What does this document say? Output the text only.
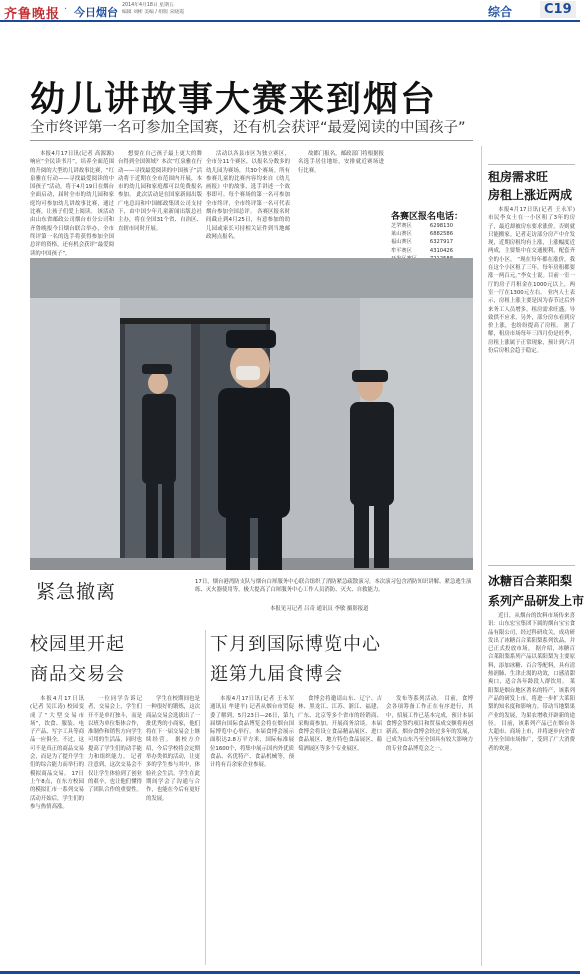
齐鲁晚报 · 今日烟台
2014年4月18日 星期五
编辑 刘彬 美编 / 组版 宋晓霞	综合 C19
幼儿讲故事大赛来到烟台
全市终评第一名可参加全国赛，还有机会获评“最爱阅读的中国孩子”

本报4月17日讯(记者 高源源) 响应“全民读书月”，培养全面范围的升阅的大型幼儿讲故事比赛，“红泉雅在行动——寻找最爱阅读的中国孩子”活动，将于4月19日在烟台全面启动，届时全市的幼儿园和家庭均可参加幼儿讲故事比赛，通过比赛，让孩子们爱上阅读。 该活动由山东省邮政公司烟台市分公司和齐鲁晚报今日烟台联合举办，全市终评第一名的选手将获得参加全国总评的资格，还有机会获评“最爱阅读的中国孩子”。

想要在自己孩子最上更大的舞台得到全国领域？本次“红泉雅在行动——寻找最爱阅读的中国孩子”活动将于近期在全市范围内开展，本市的幼儿园和家庭都可以免费报名参加。 此次活动是在国家新闻出版广电总局和中国邮政集团公司支持下，由中国少年儿童新闻出版总社主办，将在全国31个省、自治区、直辖市同时开展。

活动以各县市区为独立赛区，全市分11个赛区，以报名分数多的幼儿园为赛场，共30个赛场。所有参赛儿童的比赛内容均来自《幼儿画报》中的故事，选手讲述一个故事即可。每个赛场的第一名可参加全市终评，全市终评第一名可代表烟台参加全国总评。 各赛区报名时间截止到4月25日，有意参加的幼儿园或家长可持相关证件到当地邮政网点报名。

故都门报名，邮政部门将根据报名选手居住地址，安排就近赛场进行比赛。

各赛区报名电话：
芝罘赛区	6298130
莱山赛区	6882586
福山赛区	6327917
牟平赛区	4310426
紧急撤离	17日，烟台港湾防支队与烟台白犀服务中心联合组织了消防紧急疏散演习。本次演习包含消防知识讲解、紧急逃生演练、灭火器使用等，极大提高了白犀服务中心工作人员消防、灭火、自救能力。
本报见习记者 吕奇 通讯员 李敏 摄影报道
校园里开起
商品交易会

本报4月17日讯(记者 吴江涛) 校园变成了“大型交易市场”，饮食、服装、电子产品、写字工具等商品一应俱全，不过，这可不是真正的商品交易会，而是为了提升学生们的综合能力而举行的模拟商品交易。 17日上午8点，在东方校园的模拟汇市一系列交易活动开始后，学生们的参与热情高涨。

一位同学告诉记者，交易会上，学生们开不是单打独斗，而是以班为单位集体合作，准制作和销售方向学生可用的生活品，同时也提高了学生们的动手能力和组织能力。 记者注意到，这次交易会不仅让学生体验到了创业的艰辛，也让他们懂得了团队合作的重要性。

学生在校期间也是一种很好的锻炼，这次商品交易会选拔出了一批优秀的小商家，他们将在下一届交易会上继续经营。 据校方介绍，今后学校将会定期举办类似的活动，让更多的学生参与其中，体验社会生活。学生在此期间学会了沟通与合作，也能在今后有更好的发展。

下月到国际博览中心
逛第九届食博会

本报4月17日讯(记者 王永军 通讯员 牟建平) 记者从烟台市贸促委了解到，5月23日—26日，第九届烟台国际食品博览会将在烟台国际博览中心举行。本届食博会展示面积达2.8万平方米，国际标准展位1600个，将集中展示国内外优质食品、名优特产、食品机械等，预计将有百余家企业参展。

食博会将邀请山东、辽宁、吉林、黑龙江、江苏、浙江、福建、广东、北京等多个省市的经销商、采购商参加，开展商务洽谈。本届食博会将设立食品精品展区、进口食品展区、地方特色食品展区、葡萄酒展区等多个专业展区。

发布等系列活动。 目前，食博会各项筹备工作正在有序进行，其中，招展工作已基本完成，预计本届食博会签约项目和贸易成交额将再创新高。烟台食博会经过多年的发展，已成为山东乃至全国具有较大影响力的专业食品博览会之一。

租房需求旺
房租上涨近两成

本报4月17日讯(记者 王永军) 市民李女士在一小区租了3年的房子，最近却被房东要求涨价，否则就只能搬家。记者走访部分房产中介发现，近期房租均有上涨，上涨幅度近两成，主要集中在交通便利、配套齐全的小区。 “现在每年都在涨价，我在这个小区租了三年，每年房租都要涨一两百元。”李女士说。目前一室一厅的房子月租金在1000元以上，两室一厅在1300元左右。 业内人士表示，房租上涨主要是因为春节过后外来务工人员增多，租房需求旺盛，导致供不应求。另外，部分房东看到房价上涨，也纷纷提高了房租。 据了解，租房市场每年三四月份是旺季，房租上涨属于正常现象，预计到六月份后房租会趋于稳定。

冰糖百合莱阳梨
系列产品研发上市

近日，从烟台的饮料市场传来喜讯：山东宏宝集团下属的烟台宝宝食品有限公司，经过科研攻关，成功研发出了冰糖百合莱阳梨系列饮品，并已正式投放市场。 据介绍，冰糖百合莱阳梨系列产品以莱阳梨为主要原料，添加冰糖、百合等配料，具有清热润肺、生津止渴的功效，口感清甜爽口，适合各年龄段人群饮用。 莱阳梨是烟台地区著名的特产，该系列产品的研发上市，将进一步扩大莱阳梨的知名度和影响力，带动当地梨果产业的发展，为果农增收开辟新的途径。 目前，该系列产品已在烟台各大超市、商场上市，并将逐步向全省乃至全国市场推广，受到了广大消费者的欢迎。
